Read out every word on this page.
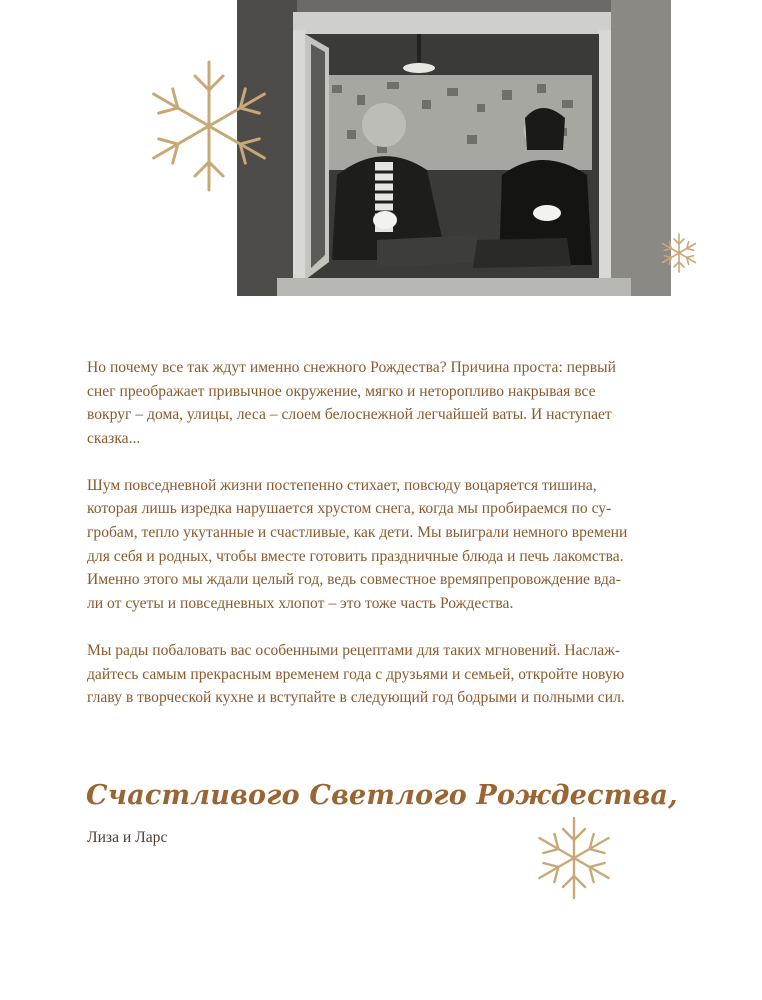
Но почему все так ждут именно снежного Рождества? Причина проста: первый
снег преображает привычное окружение, мягко и неторопливо накрывая все
вокруг – дома, улицы, леса – слоем белоснежной легчайшей ваты. И наступает
сказка...

Шум повседневной жизни постепенно стихает, повсюду воцаряется тишина,
которая лишь изредка нарушается хрустом снега, когда мы пробираемся по су-
гробам, тепло укутанные и счастливые, как дети. Мы выиграли немного времени
для себя и родных, чтобы вместе готовить праздничные блюда и печь лакомства.
Именно этого мы ждали целый год, ведь совместное времяпрепровождение вда-
ли от суеты и повседневных хлопот – это тоже часть Рождества.

Мы рады побаловать вас особенными рецептами для таких мгновений. Наслаж-
дайтесь самым прекрасным временем года с друзьями и семьей, откройте новую
главу в творческой кухне и вступайте в следующий год бодрыми и полными сил.

Счастливого Светлого Рождества,
Лиза и Ларс
